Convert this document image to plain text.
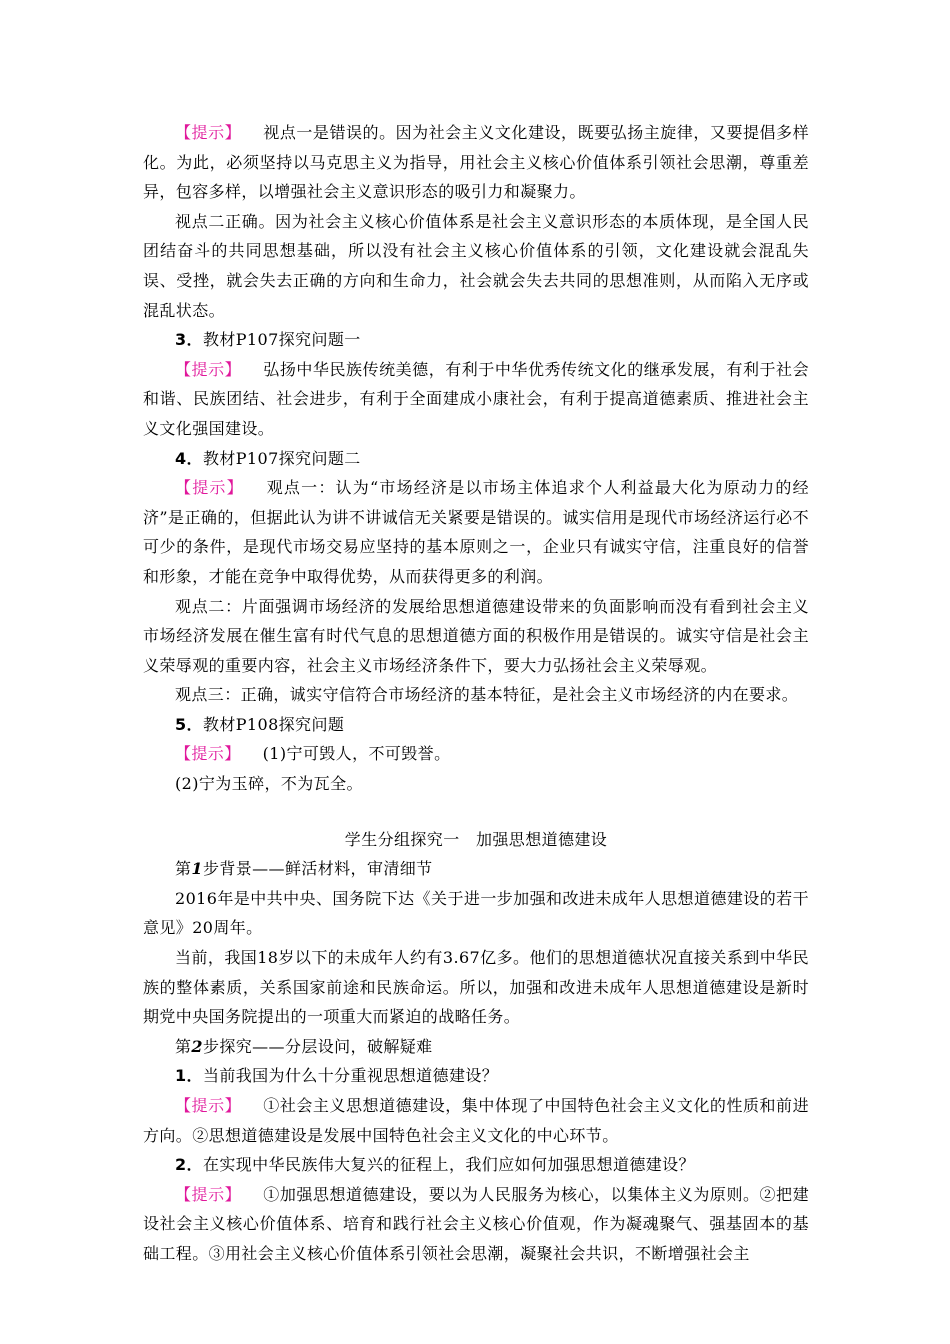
【提示】 视点一是错误的。因为社会主义文化建设，既要弘扬主旋律，又要提倡多样化。为此，必须坚持以马克思主义为指导，用社会主义核心价值体系引领社会思潮，尊重差异，包容多样，以增强社会主义意识形态的吸引力和凝聚力。

视点二正确。因为社会主义核心价值体系是社会主义意识形态的本质体现，是全国人民团结奋斗的共同思想基础，所以没有社会主义核心价值体系的引领，文化建设就会混乱失误、受挫，就会失去正确的方向和生命力，社会就会失去共同的思想准则，从而陷入无序或混乱状态。

3．教材P107探究问题一

【提示】 弘扬中华民族传统美德，有利于中华优秀传统文化的继承发展，有利于社会和谐、民族团结、社会进步，有利于全面建成小康社会，有利于提高道德素质、推进社会主义文化强国建设。

4．教材P107探究问题二

【提示】 观点一：认为“市场经济是以市场主体追求个人利益最大化为原动力的经济”是正确的，但据此认为讲不讲诚信无关紧要是错误的。诚实信用是现代市场经济运行必不可少的条件，是现代市场交易应坚持的基本原则之一，企业只有诚实守信，注重良好的信誉和形象，才能在竞争中取得优势，从而获得更多的利润。

观点二：片面强调市场经济的发展给思想道德建设带来的负面影响而没有看到社会主义市场经济发展在催生富有时代气息的思想道德方面的积极作用是错误的。诚实守信是社会主义荣辱观的重要内容，社会主义市场经济条件下，要大力弘扬社会主义荣辱观。

观点三：正确，诚实守信符合市场经济的基本特征，是社会主义市场经济的内在要求。

5．教材P108探究问题

【提示】 (1)宁可毁人，不可毁誉。

(2)宁为玉碎，不为瓦全。

学生分组探究一　加强思想道德建设

第1步背景——鲜活材料，审清细节

2016年是中共中央、国务院下达《关于进一步加强和改进未成年人思想道德建设的若干意见》20周年。

当前，我国18岁以下的未成年人约有3.67亿多。他们的思想道德状况直接关系到中华民族的整体素质，关系国家前途和民族命运。所以，加强和改进未成年人思想道德建设是新时期党中央国务院提出的一项重大而紧迫的战略任务。

第2步探究——分层设问，破解疑难

1．当前我国为什么十分重视思想道德建设？

【提示】 ①社会主义思想道德建设，集中体现了中国特色社会主义文化的性质和前进方向。②思想道德建设是发展中国特色社会主义文化的中心环节。

2．在实现中华民族伟大复兴的征程上，我们应如何加强思想道德建设？

【提示】 ①加强思想道德建设，要以为人民服务为核心，以集体主义为原则。②把建设社会主义核心价值体系、培育和践行社会主义核心价值观，作为凝魂聚气、强基固本的基础工程。③用社会主义核心价值体系引领社会思潮，凝聚社会共识，不断增强社会主
